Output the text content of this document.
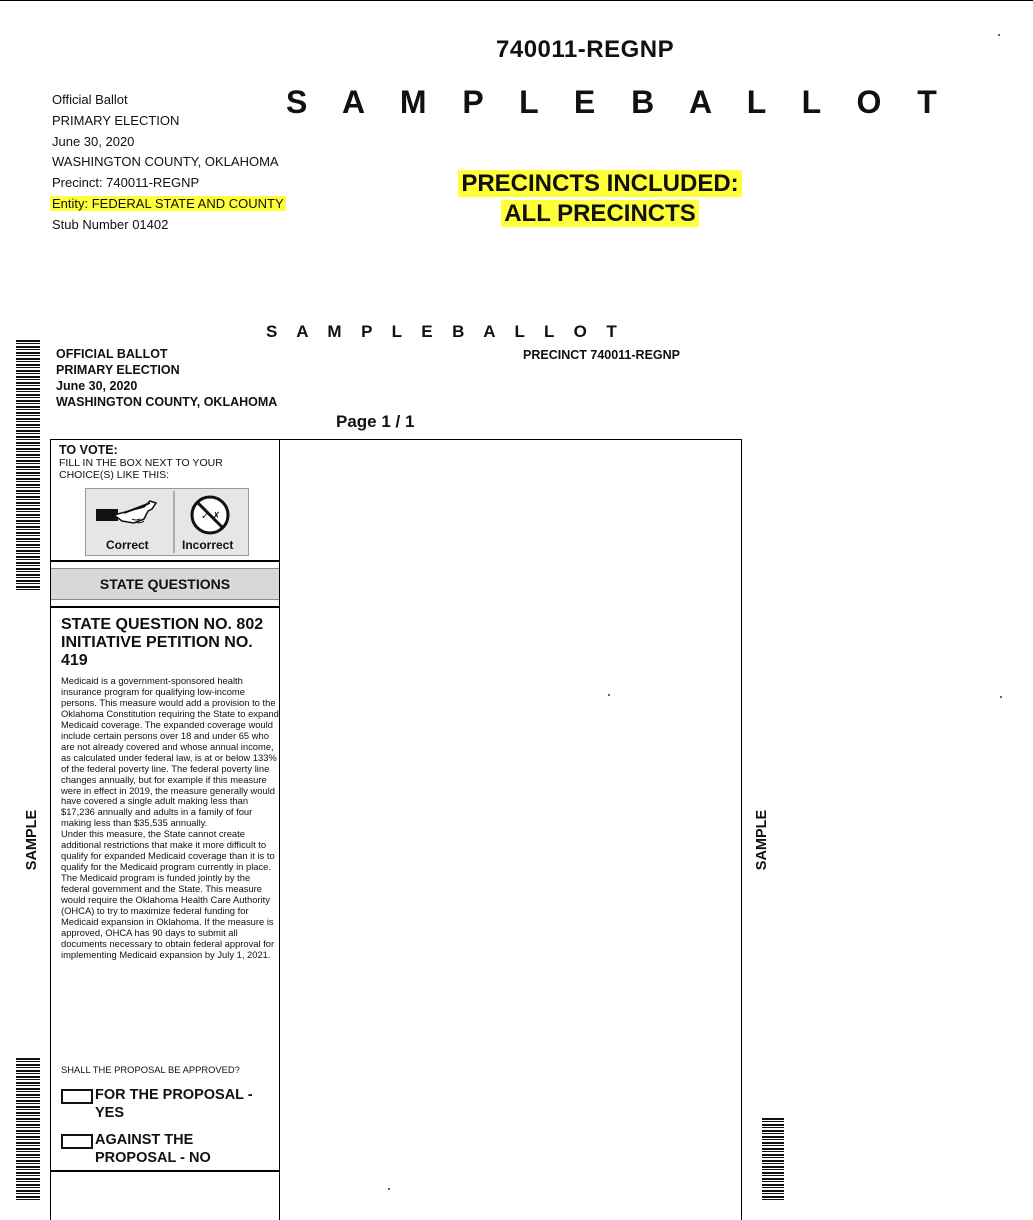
740011-REGNP
Official Ballot
PRIMARY ELECTION
June 30, 2020
WASHINGTON COUNTY, OKLAHOMA
Precinct: 740011-REGNP
Entity: FEDERAL STATE AND COUNTY
Stub Number 01402
S A M P L E B A L L O T
PRECINCTS INCLUDED:
ALL PRECINCTS
S A M P L E B A L L O T
OFFICIAL BALLOT
PRIMARY ELECTION
June 30, 2020
WASHINGTON COUNTY, OKLAHOMA
PRECINCT 740011-REGNP
Page 1 / 1
SAMPLE	SAMPLE
TO VOTE:
FILL IN THE BOX NEXT TO YOUR
CHOICE(S) LIKE THIS:
✓ ✗
Correct	Incorrect
STATE QUESTIONS
STATE QUESTION NO. 802
INITIATIVE PETITION NO.
419

Medicaid is a government-sponsored health insurance program for qualifying low-income persons. This measure would add a provision to the Oklahoma Constitution requiring the State to expand Medicaid coverage. The expanded coverage would include certain persons over 18 and under 65 who are not already covered and whose annual income, as calculated under federal law, is at or below 133% of the federal poverty line. The federal poverty line changes annually, but for example if this measure were in effect in 2019, the measure generally would have covered a single adult making less than $17,236 annually and adults in a family of four making less than $35,535 annually.

Under this measure, the State cannot create additional restrictions that make it more difficult to qualify for expanded Medicaid coverage than it is to qualify for the Medicaid program currently in place.

The Medicaid program is funded jointly by the federal government and the State. This measure would require the Oklahoma Health Care Authority (OHCA) to try to maximize federal funding for Medicaid expansion in Oklahoma. If the measure is approved, OHCA has 90 days to submit all documents necessary to obtain federal approval for implementing Medicaid expansion by July 1, 2021.

SHALL THE PROPOSAL BE APPROVED?
FOR THE PROPOSAL -
YES
AGAINST THE
PROPOSAL - NO
